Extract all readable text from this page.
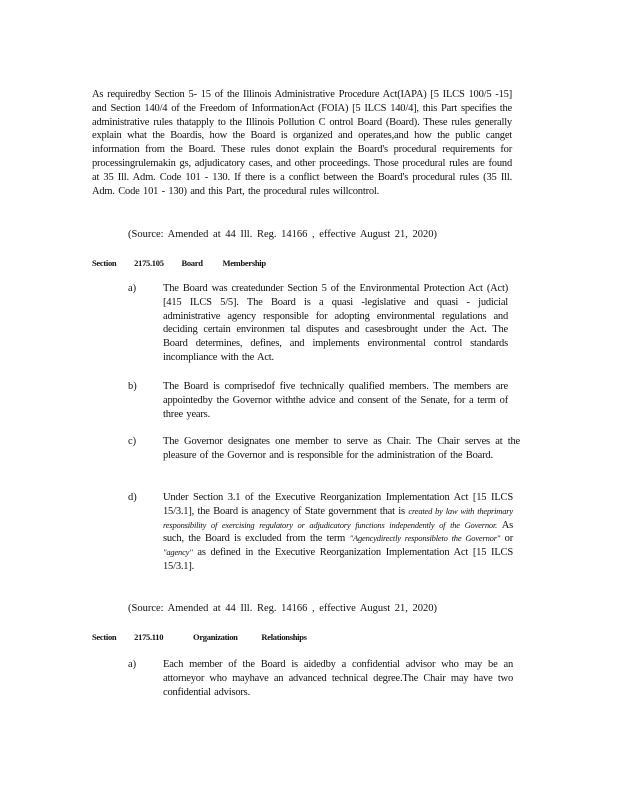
As requiredby Section 5- 15 of the Illinois Administrative Procedure Act(IAPA) [5 ILCS 100/5 -15] and Section 140/4 of the Freedom of InformationAct (FOIA) [5 ILCS 140/4], this Part specifies the administrative rules thatapply to the Illinois Pollution C ontrol Board (Board). These rules generally explain what the Boardis, how the Board is organized and operates,and how the public canget information from the Board. These rules donot explain the Board's procedural requirements for processingrulemakin gs, adjudicatory cases, and other proceedings. Those procedural rules are found at 35 Ill. Adm. Code 101 - 130. If there is a conflict between the Board's procedural rules (35 Ill. Adm. Code 101 - 130) and this Part, the procedural rules willcontrol.

(Source: Amended at 44 Ill. Reg. 14166 , effective August 21, 2020)

Section 2175.105 Board Membership

a)	The Board was createdunder Section 5 of the Environmental Protection Act (Act) [415 ILCS 5/5]. The Board is a quasi -legislative and quasi - judicial administrative agency responsible for adopting environmental regulations and deciding certain environmen tal disputes and casesbrought under the Act. The Board determines, defines, and implements environmental control standards incompliance with the Act.

b)	The Board is comprisedof five technically qualified members. The members are appointedby the Governor withthe advice and consent of the Senate, for a term of three years.

c)	The Governor designates one member to serve as Chair. The Chair serves at the pleasure of the Governor and is responsible for the administration of the Board.

d)	Under Section 3.1 of the Executive Reorganization Implementation Act [15 ILCS 15/3.1], the Board is anagency of State government that is created by law with theprimary responsibility of exercising regulatory or adjudicatory functions independently of the Governor. As such, the Board is excluded from the term "Agencydirectly responsibleto the Governor" or "agency" as defined in the Executive Reorganization Implementation Act [15 ILCS 15/3.1].

(Source: Amended at 44 Ill. Reg. 14166 , effective August 21, 2020)

Section 2175.110	Organization Relationships

a)	Each member of the Board is aidedby a confidential advisor who may be an attorneyor who mayhave an advanced technical degree.The Chair may have two confidential advisors.
